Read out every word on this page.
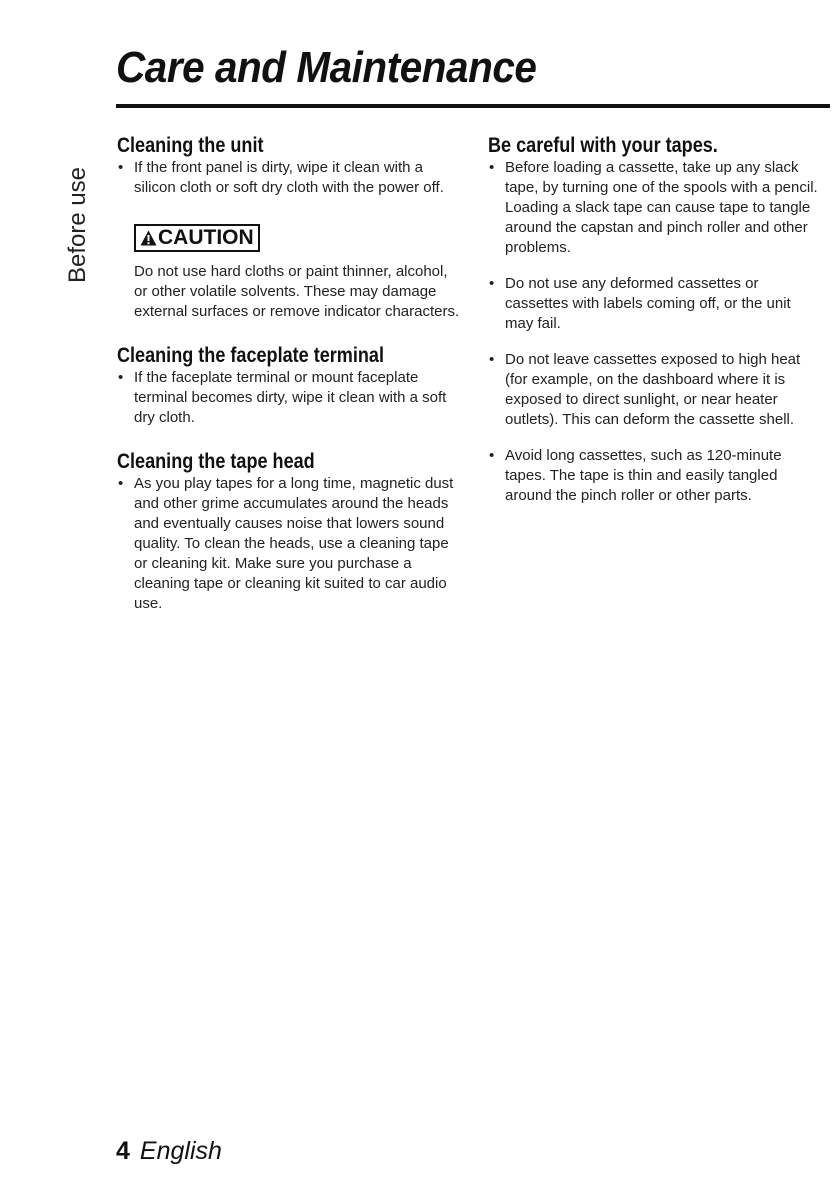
Care and Maintenance
Before use
Cleaning the unit

• If the front panel is dirty, wipe it clean with a silicon cloth or soft dry cloth with the power off.

CAUTION

Do not use hard cloths or paint thinner, alcohol, or other volatile solvents. These may damage external surfaces or remove indicator characters.

Cleaning the faceplate terminal

• If the faceplate terminal or mount faceplate terminal becomes dirty, wipe it clean with a soft dry cloth.

Cleaning the tape head

• As you play tapes for a long time, magnetic dust and other grime accumulates around the heads and eventually causes noise that lowers sound quality. To clean the heads, use a cleaning tape or cleaning kit. Make sure you purchase a cleaning tape or cleaning kit suited to car audio use.

Be careful with your tapes.

• Before loading a cassette, take up any slack tape, by turning one of the spools with a pencil. Loading a slack tape can cause tape to tangle around the capstan and pinch roller and other problems.

• Do not use any deformed cassettes or cassettes with labels coming off, or the unit may fail.

• Do not leave cassettes exposed to high heat (for example, on the dashboard where it is exposed to direct sunlight, or near heater outlets). This can deform the cassette shell.

• Avoid long cassettes, such as 120-minute tapes. The tape is thin and easily tangled around the pinch roller or other parts.

4 English
